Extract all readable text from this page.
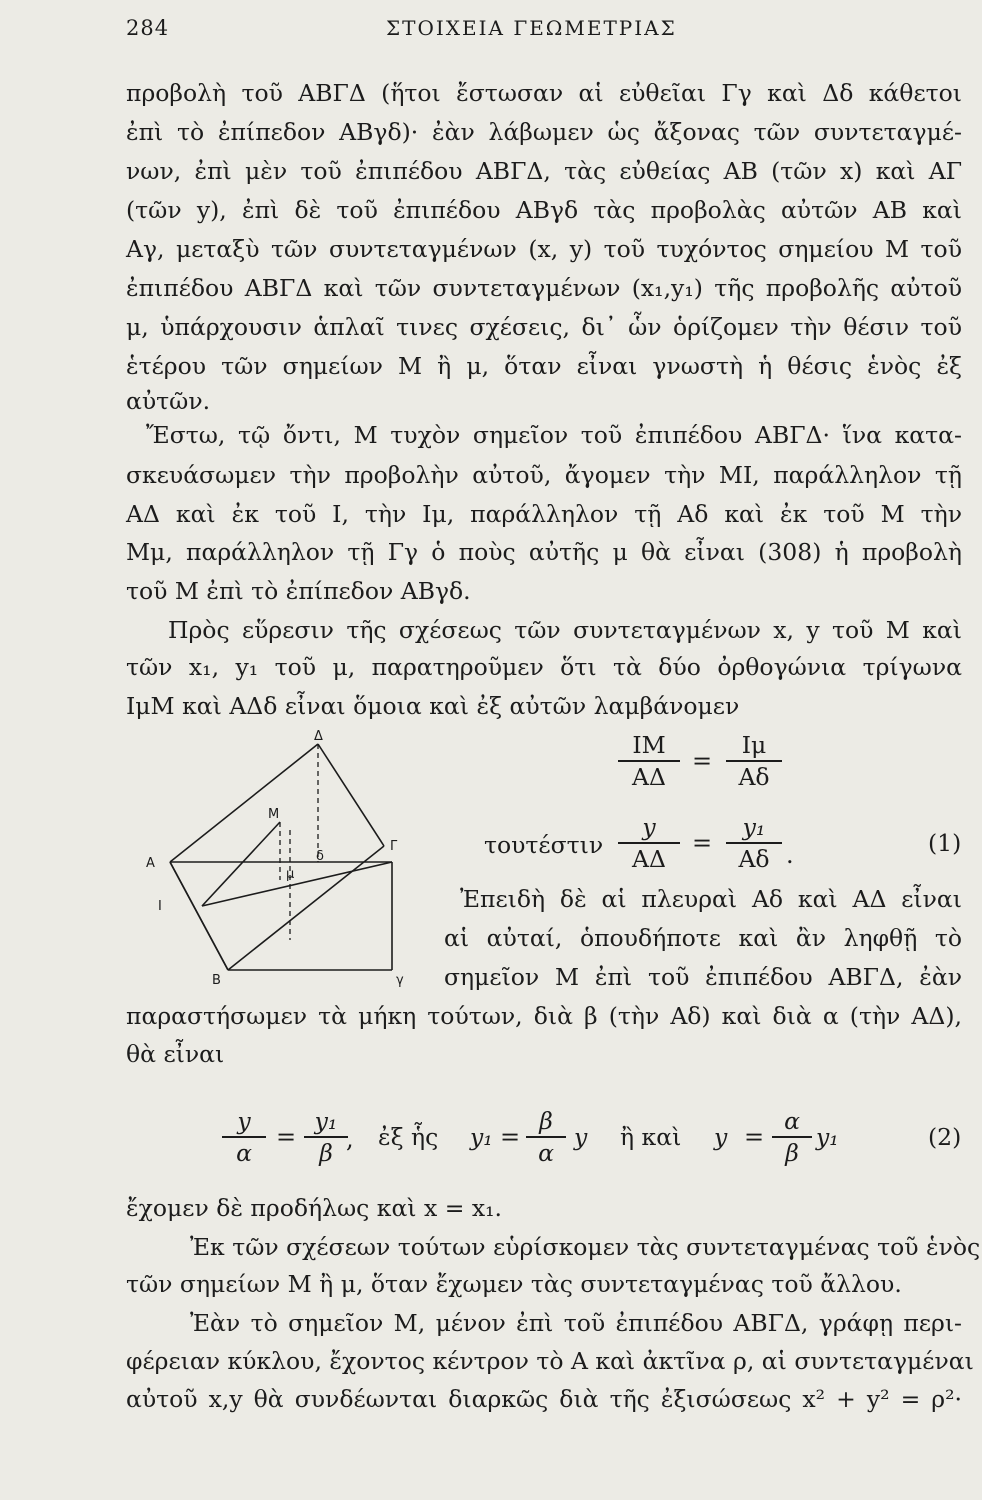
284	ΣΤΟΙΧΕΙΑ ΓΕΩΜΕΤΡΙΑΣ
προβολὴ τοῦ ΑΒΓΔ (ἥτοι ἔστωσαν αἱ εὐθεῖαι Γγ καὶ Δδ κάθετοι
ἐπὶ τὸ ἐπίπεδον ΑΒγδ)· ἐὰν λάβωμεν ὡς ἄξονας τῶν συντεταγμέ-
νων, ἐπὶ μὲν τοῦ ἐπιπέδου ΑΒΓΔ, τὰς εὐθείας ΑΒ (τῶν x) καὶ ΑΓ
(τῶν y), ἐπὶ δὲ τοῦ ἐπιπέδου ΑΒγδ τὰς προβολὰς αὐτῶν ΑΒ καὶ
Αγ, μεταξὺ τῶν συντεταγμένων (x, y) τοῦ τυχόντος σημείου Μ τοῦ
ἐπιπέδου ΑΒΓΔ καὶ τῶν συντεταγμένων (x₁,y₁) τῆς προβολῆς αὐτοῦ
μ, ὑπάρχουσιν ἁπλαῖ τινες σχέσεις, δι᾽ ὧν ὁρίζομεν τὴν θέσιν τοῦ
ἑτέρου τῶν σημείων Μ ἢ μ, ὅταν εἶναι γνωστὴ ἡ θέσις ἑνὸς ἐξ
αὐτῶν.
Ἔστω, τῷ ὄντι, Μ τυχὸν σημεῖον τοῦ ἐπιπέδου ΑΒΓΔ· ἵνα κατα-
σκευάσωμεν τὴν προβολὴν αὐτοῦ, ἄγομεν τὴν ΜΙ, παράλληλον τῇ
ΑΔ καὶ ἐκ τοῦ Ι, τὴν Ιμ, παράλληλον τῇ Αδ καὶ ἐκ τοῦ Μ τὴν
Μμ, παράλληλον τῇ Γγ ὁ ποὺς αὐτῆς μ θὰ εἶναι (308) ἡ προβολὴ
τοῦ Μ ἐπὶ τὸ ἐπίπεδον ΑΒγδ.
Πρὸς εὕρεσιν τῆς σχέσεως τῶν συντεταγμένων x, y τοῦ Μ καὶ
τῶν x₁, y₁ τοῦ μ, παρατηροῦμεν ὅτι τὰ δύο ὀρθογώνια τρίγωνα
ΙμΜ καὶ ΑΔδ εἶναι ὅμοια καὶ ἐξ αὐτῶν λαμβάνομεν
$\frac{IM}{A\Delta} = \frac{I\mu}{A\delta}$
τουτέστιν $\frac{y}{A\Delta} = \frac{\text{y₁}}{A\delta}$ .	(1)
Δ
Μ
δ
Γ
Α
Ι
Β	γ
μ
Ἐπειδὴ δὲ αἱ πλευραὶ Αδ καὶ ΑΔ εἶναι
αἱ αὐταί, ὁπουδήποτε καὶ ἂν ληφθῇ τὸ
σημεῖον Μ ἐπὶ τοῦ ἐπιπέδου ΑΒΓΔ, ἐὰν
παραστήσωμεν τὰ μήκη τούτων, διὰ β (τὴν Αδ) καὶ διὰ α (τὴν ΑΔ),
θὰ εἶναι
$\frac{y}{\alpha} = \frac{\text{y₁}}{\beta}$
, ἐξ ἧς $y_1 = \frac{\beta}{\alpha}$ y ἢ καὶ $y = \frac{\alpha}{\beta} y_1$	(2)
ἔχομεν δὲ προδήλως καὶ x = x₁.
Ἐκ τῶν σχέσεων τούτων εὑρίσκομεν τὰς συντεταγμένας τοῦ ἑνὸς
τῶν σημείων Μ ἢ μ, ὅταν ἔχωμεν τὰς συντεταγμένας τοῦ ἄλλου.
Ἐὰν τὸ σημεῖον Μ, μένον ἐπὶ τοῦ ἐπιπέδου ΑΒΓΔ, γράφῃ περι-
φέρειαν κύκλου, ἔχοντος κέντρον τὸ Α καὶ ἀκτῖνα ρ, αἱ συντεταγμέναι
αὐτοῦ x,y θὰ συνδέωνται διαρκῶς διὰ τῆς ἐξισώσεως x² + y² = ρ²·
